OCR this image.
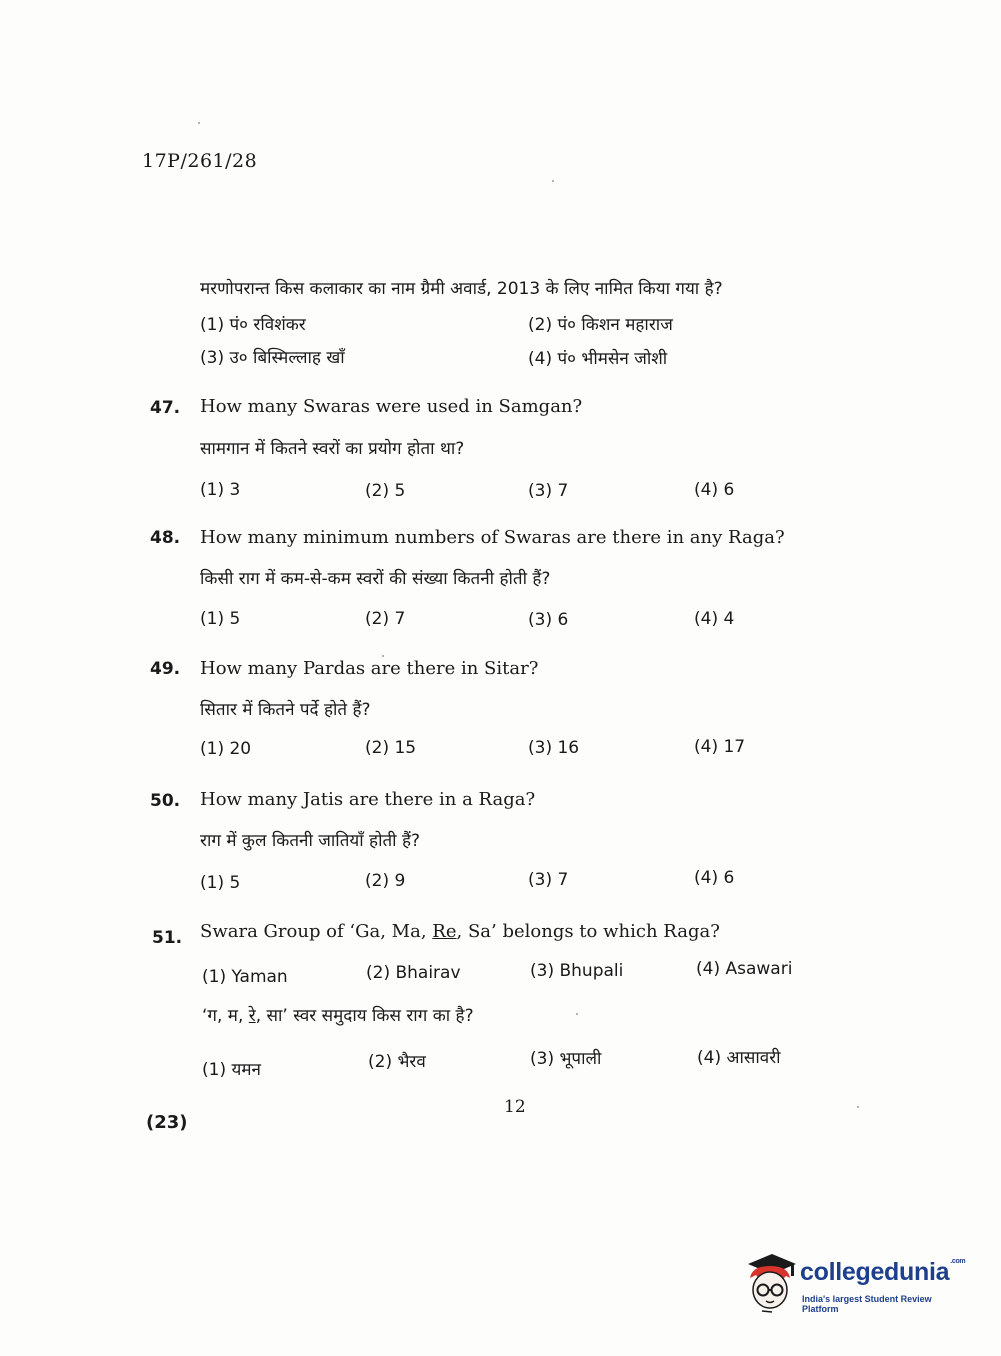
17P/261/28
मरणोपरान्त किस कलाकार का नाम ग्रैमी अवार्ड, 2013 के लिए नामित किया गया है?
(1) पं० रविशंकर	(2) पं० किशन महाराज
(3) उ० बिस्मिल्लाह खाँ	(4) पं० भीमसेन जोशी
47. How many Swaras were used in Samgan?
सामगान में कितने स्वरों का प्रयोग होता था?
(1) 3	(2) 5	(3) 7	(4) 6
48. How many minimum numbers of Swaras are there in any Raga?
किसी राग में कम-से-कम स्वरों की संख्या कितनी होती हैं?
(1) 5	(2) 7	(3) 6	(4) 4
49. How many Pardas are there in Sitar?
सितार में कितने पर्दे होते हैं?
(1) 20	(2) 15	(3) 16	(4) 17
50. How many Jatis are there in a Raga?
राग में कुल कितनी जातियाँ होती हैं?
(1) 5	(2) 9	(3) 7	(4) 6
51. Swara Group of ‘Ga, Ma, Re, Sa’ belongs to which Raga?
(1) Yaman	(2) Bhairav	(3) Bhupali	(4) Asawari
‘ग, म, रे, सा’ स्वर समुदाय किस राग का है?
(1) यमन	(2) भैरव	(3) भूपाली	(4) आसावरी
12
(23)
collegedunia$^{.com}$
India's largest Student Review Platform
